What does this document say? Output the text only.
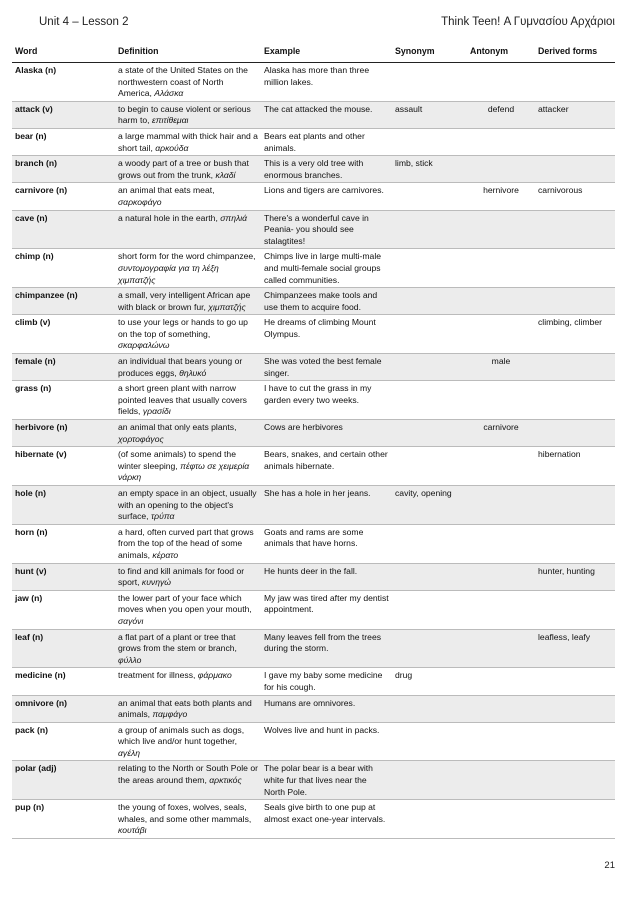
Unit 4 – Lesson 2	Think Teen! Α Γυμνασίου Αρχάριοι
Word	Definition	Example	Synonym	Antonym	Derived forms
Alaska (n)	a state of the United States on the northwestern coast of North America, Αλάσκα	Alaska has more than three million lakes.			
attack (v)	to begin to cause violent or serious harm to, επιτίθεμαι	The cat attacked the mouse.	assault	defend	attacker
bear (n)	a large mammal with thick hair and a short tail, αρκούδα	Bears eat plants and other animals.			
branch (n)	a woody part of a tree or bush that grows out from the trunk, κλαδί	This is a very old tree with enormous branches.	limb, stick		
carnivore (n)	an animal that eats meat, σαρκοφάγο	Lions and tigers are carnivores.		hernivore	carnivorous
cave (n)	a natural hole in the earth, σπηλιά	There's a wonderful cave in Peania- you should see stalagtites!			
chimp (n)	short form for the word chimpanzee, συντομογραφία για τη λέξη χιμπατζής	Chimps live in large multi-male and multi-female social groups called communities.			
chimpanzee (n)	a small, very intelligent African ape with black or brown fur, χιμπατζής	Chimpanzees make tools and use them to acquire food.			
climb (v)	to use your legs or hands to go up on the top of something, σκαρφαλώνω	He dreams of climbing Mount Olympus.			climbing, climber
female (n)	an individual that bears young or produces eggs, θηλυκό	She was voted the best female singer.		male	
grass (n)	a short green plant with narrow pointed leaves that usually covers fields, γρασίδι	I have to cut the grass in my garden every two weeks.			
herbivore (n)	an animal that only eats plants, χορτοφάγος	Cows are herbivores		carnivore	
hibernate (v)	(of some animals) to spend the winter sleeping, πέφτω σε χειμερία νάρκη	Bears, snakes, and certain other animals hibernate.			hibernation
hole (n)	an empty space in an object, usually with an opening to the object's surface, τρύπα	She has a hole in her jeans.	cavity, opening		
horn (n)	a hard, often curved part that grows from the top of the head of some animals, κέρατο	Goats and rams are some animals that have horns.			
hunt (v)	to find and kill animals for food or sport, κυνηγώ	He hunts deer in the fall.			hunter, hunting
jaw (n)	the lower part of your face which moves when you open your mouth, σαγόνι	My jaw was tired after my dentist appointment.			
leaf (n)	a flat part of a plant or tree that grows from the stem or branch, φύλλο	Many leaves fell from the trees during the storm.			leafless, leafy
medicine (n)	treatment for illness, φάρμακο	I gave my baby some medicine for his cough.	drug		
omnivore (n)	an animal that eats both plants and animals, παμφάγο	Humans are omnivores.			
pack (n)	a group of animals such as dogs, which live and/or hunt together, αγέλη	Wolves live and hunt in packs.			
polar (adj)	relating to the North or South Pole or the areas around them, αρκτικός	The polar bear is a bear with white fur that lives near the North Pole.			
pup (n)	the young of foxes, wolves, seals, whales, and some other mammals, κουτάβι	Seals give birth to one pup at almost exact one-year intervals.			
21
